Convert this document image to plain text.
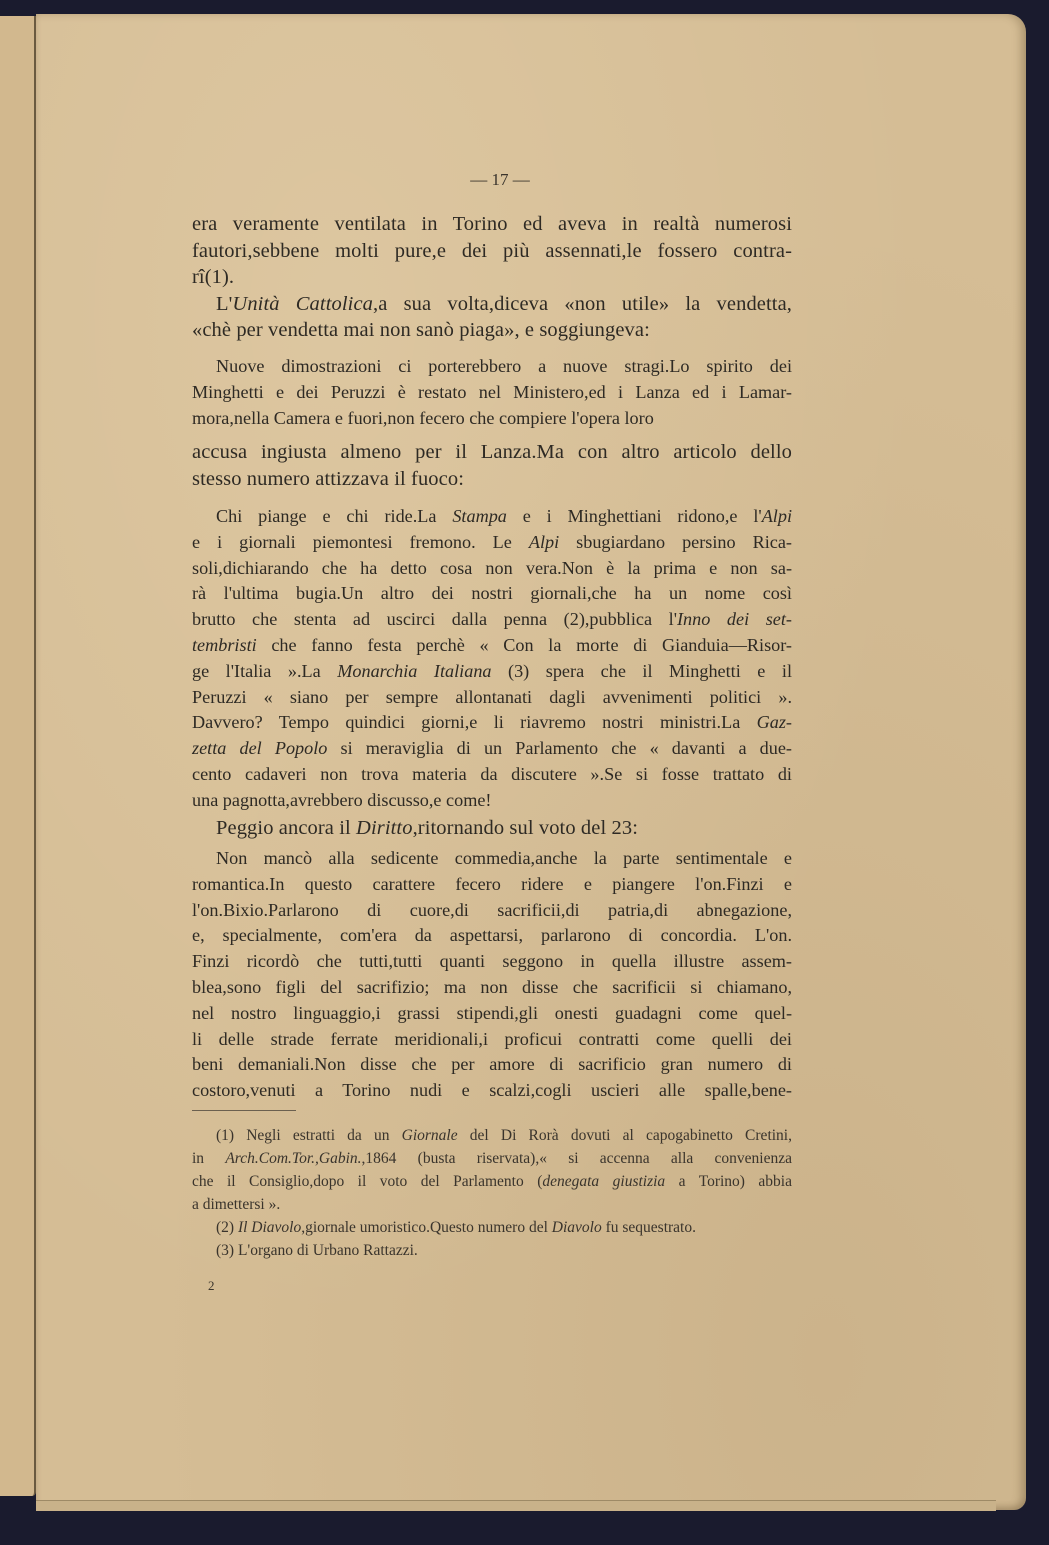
— 17 —

era veramente ventilata in Torino ed aveva in realtà numerosi

fautori,sebbene molti pure,e dei più assennati,le fossero contra-

rî(1).

L'Unità Cattolica,a sua volta,diceva «non utile» la vendetta,

«chè per vendetta mai non sanò piaga», e soggiungeva:

Nuove dimostrazioni ci porterebbero a nuove stragi.Lo spirito dei

Minghetti e dei Peruzzi è restato nel Ministero,ed i Lanza ed i Lamar-

mora,nella Camera e fuori,non fecero che compiere l'opera loro

accusa ingiusta almeno per il Lanza.Ma con altro articolo dello

stesso numero attizzava il fuoco:

Chi piange e chi ride.La Stampa e i Minghettiani ridono,e l'Alpi

e i giornali piemontesi fremono. Le Alpi sbugiardano persino Rica-

soli,dichiarando che ha detto cosa non vera.Non è la prima e non sa-

rà l'ultima bugia.Un altro dei nostri giornali,che ha un nome così

brutto che stenta ad uscirci dalla penna (2),pubblica l'Inno dei set-

tembristi che fanno festa perchè « Con la morte di Gianduia—Risor-

ge l'Italia ».La Monarchia Italiana (3) spera che il Minghetti e il

Peruzzi « siano per sempre allontanati dagli avvenimenti politici ».

Davvero? Tempo quindici giorni,e li riavremo nostri ministri.La Gaz-

zetta del Popolo si meraviglia di un Parlamento che « davanti a due-

cento cadaveri non trova materia da discutere ».Se si fosse trattato di

una pagnotta,avrebbero discusso,e come!

Peggio ancora il Diritto,ritornando sul voto del 23:

Non mancò alla sedicente commedia,anche la parte sentimentale e

romantica.In questo carattere fecero ridere e piangere l'on.Finzi e

l'on.Bixio.Parlarono di cuore,di sacrificii,di patria,di abnegazione,

e, specialmente, com'era da aspettarsi, parlarono di concordia. L'on.

Finzi ricordò che tutti,tutti quanti seggono in quella illustre assem-

blea,sono figli del sacrifizio; ma non disse che sacrificii si chiamano,

nel nostro linguaggio,i grassi stipendi,gli onesti guadagni come quel-

li delle strade ferrate meridionali,i proficui contratti come quelli dei

beni demaniali.Non disse che per amore di sacrificio gran numero di

costoro,venuti a Torino nudi e scalzi,cogli uscieri alle spalle,bene-

(1) Negli estratti da un Giornale del Di Rorà dovuti al capogabinetto Cretini,

in Arch.Com.Tor.,Gabin.,1864 (busta riservata),« si accenna alla convenienza

che il Consiglio,dopo il voto del Parlamento (denegata giustizia a Torino) abbia

a dimettersi ».

(2) Il Diavolo,giornale umoristico.Questo numero del Diavolo fu sequestrato.

(3) L'organo di Urbano Rattazzi.

2
